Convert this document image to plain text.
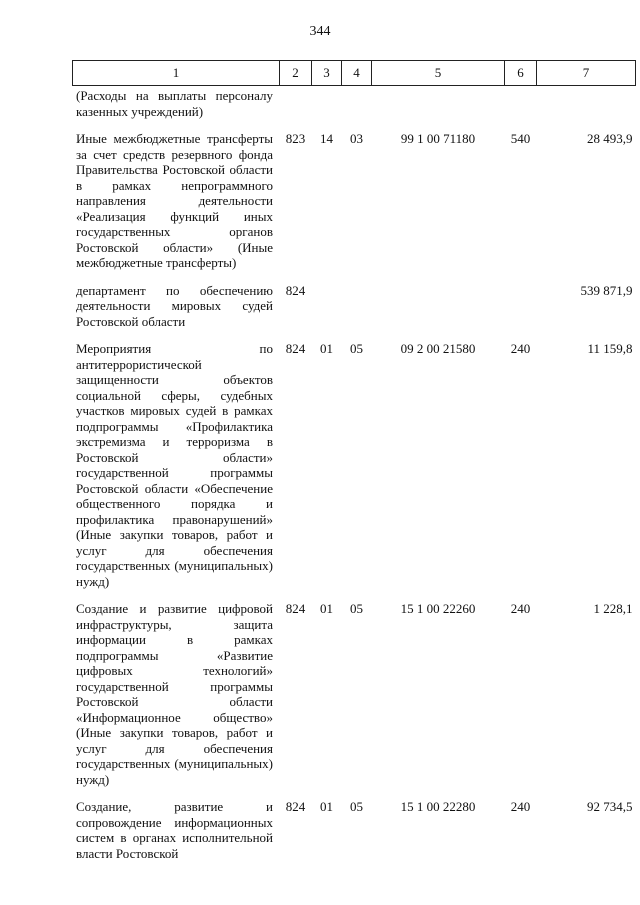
344
1	2	3	4	5	6	7
(Расходы на выплаты персоналу казенных учреждений)						
Иные межбюджетные трансферты за счет средств резервного фонда Правительства Ростовской области в рамках непрограммного направления деятельности «Реализация функций иных государственных органов Ростовской области» (Иные межбюджетные трансферты)	823	14	03	99 1 00 71180	540	28 493,9
департамент по обеспечению деятельности мировых судей Ростовской области	824					539 871,9
Мероприятия по антитеррористической защищенности объектов социальной сферы, судебных участков мировых судей в рамках подпрограммы «Профилактика экстремизма и терроризма в Ростовской области» государственной программы Ростовской области «Обеспечение общественного порядка и профилактика правонарушений» (Иные закупки товаров, работ и услуг для обеспечения государственных (муниципальных) нужд)	824	01	05	09 2 00 21580	240	11 159,8
Создание и развитие цифровой инфраструктуры, защита информации в рамках подпрограммы «Развитие цифровых технологий» государственной программы Ростовской области «Информационное общество» (Иные закупки товаров, работ и услуг для обеспечения государственных (муниципальных) нужд)	824	01	05	15 1 00 22260	240	1 228,1
Создание, развитие и сопровождение информационных систем в органах исполнительной власти Ростовской	824	01	05	15 1 00 22280	240	92 734,5
